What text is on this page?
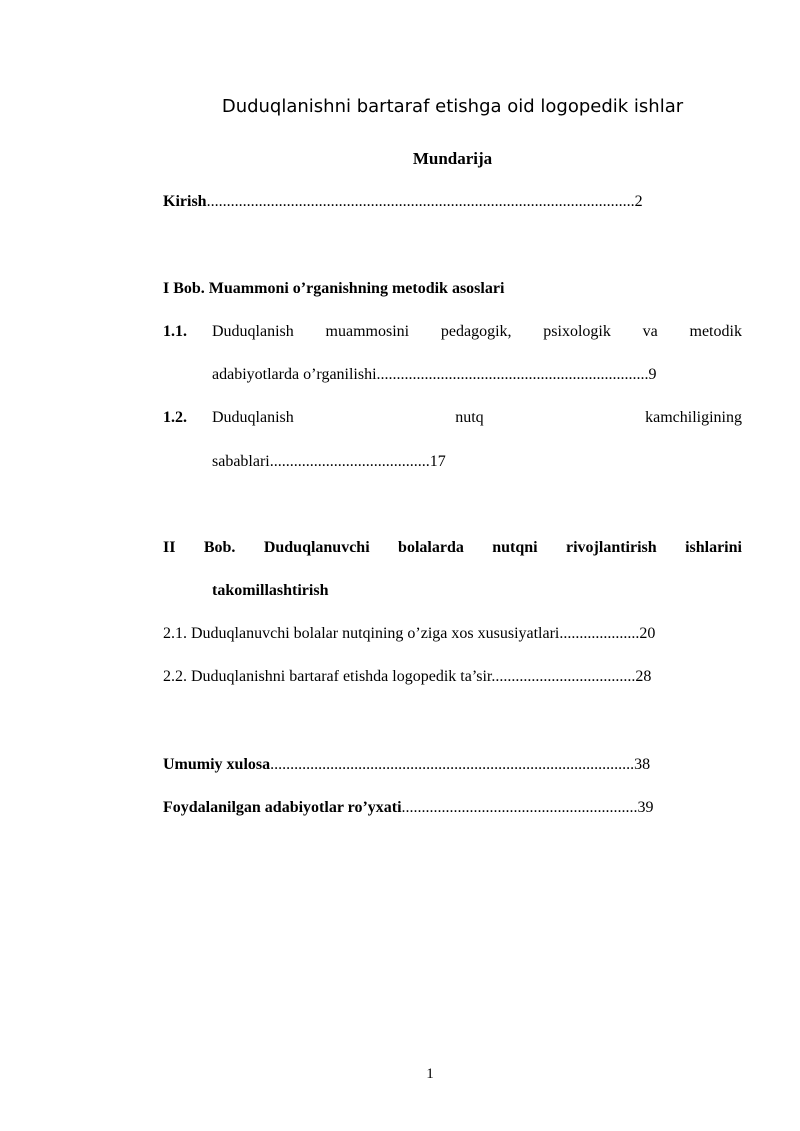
Duduqlanishni bartaraf etishga oid logopedik ishlar
Mundarija
Kirish...........................................................................................................2
I Bob. Muammoni o’rganishning metodik asoslari
1.1. Duduqlanish muammosini pedagogik, psixologik va metodik
adabiyotlarda o’rganilishi....................................................................9
1.2. Duduqlanish	nutq	kamchiligining
sabablari........................................17
II Bob. Duduqlanuvchi bolalarda nutqni rivojlantirish ishlarini
takomillashtirish
2.1. Duduqlanuvchi bolalar nutqining o’ziga xos xususiyatlari....................20
2.2. Duduqlanishni bartaraf etishda logopedik ta’sir....................................28
Umumiy xulosa...........................................................................................38
Foydalanilgan adabiyotlar ro’yxati...........................................................39
1
